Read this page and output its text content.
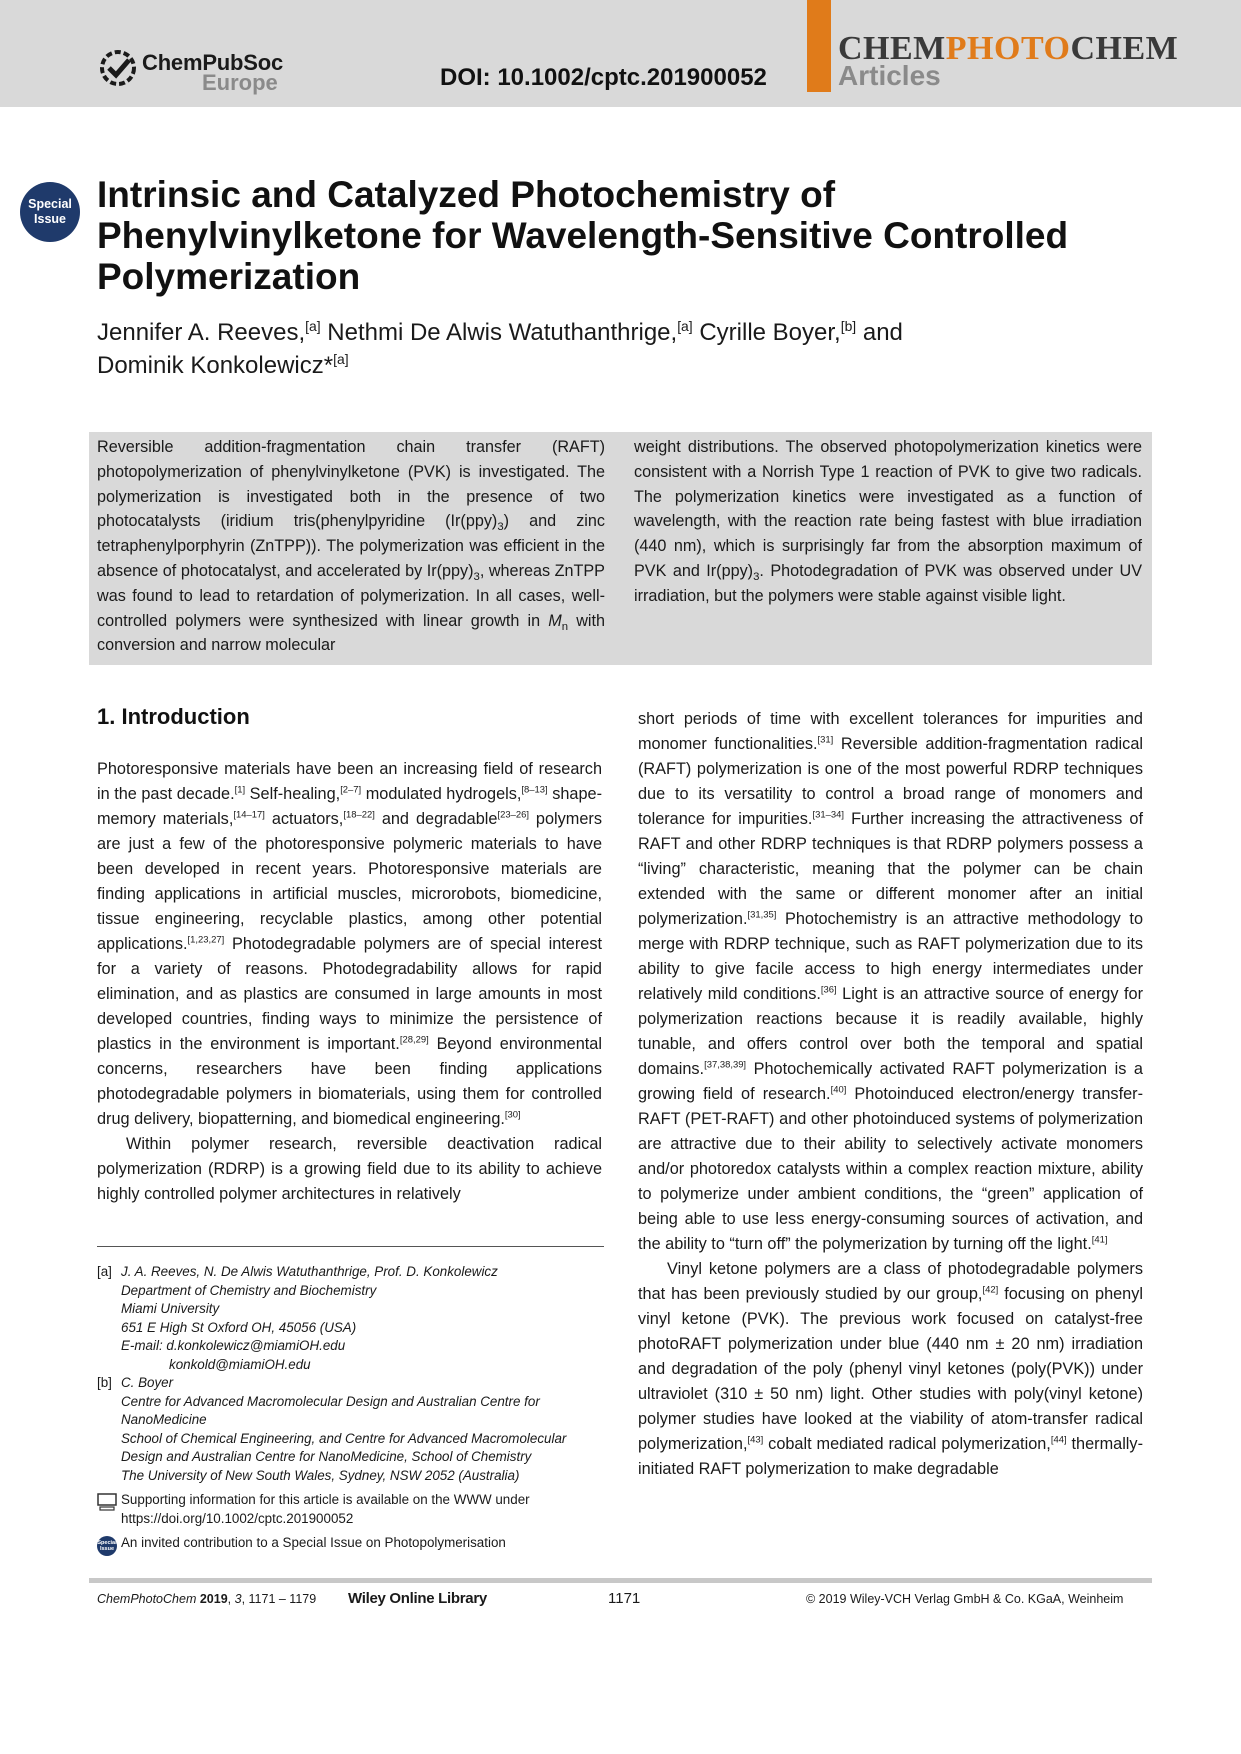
ChemPubSoc
Europe	DOI: 10.1002/cptc.201900052
CHEMPHOTOCHEM
Articles
Special
Issue
Intrinsic and Catalyzed Photochemistry of Phenylvinylketone for Wavelength-Sensitive Controlled Polymerization
Jennifer A. Reeves,[a] Nethmi De Alwis Watuthanthrige,[a] Cyrille Boyer,[b] and
Dominik Konkolewicz*[a]
Reversible addition-fragmentation chain transfer (RAFT) photopolymerization of phenylvinylketone (PVK) is investigated. The polymerization is investigated both in the presence of two photocatalysts (iridium tris(phenylpyridine $(Ir(ppy)_3)$ and zinc tetraphenylporphyrin (ZnTPP)). The polymerization was efficient in the absence of photocatalyst, and accelerated by $Ir(ppy)_3$, whereas ZnTPP was found to lead to retardation of polymerization. In all cases, well-controlled polymers were synthesized with linear growth in $M_n$ with conversion and narrow molecular
weight distributions. The observed photopolymerization kinetics were consistent with a Norrish Type 1 reaction of PVK to give two radicals. The polymerization kinetics were investigated as a function of wavelength, with the reaction rate being fastest with blue irradiation (440 nm), which is surprisingly far from the absorption maximum of PVK and $Ir(ppy)_3$. Photodegradation of PVK was observed under UV irradiation, but the polymers were stable against visible light.
1. Introduction

Photoresponsive materials have been an increasing field of research in the past decade.[1] Self-healing,[2–7] modulated hydrogels,[8–13] shape-memory materials,[14–17] actuators,[18–22] and degradable[23–26] polymers are just a few of the photoresponsive polymeric materials to have been developed in recent years. Photoresponsive materials are finding applications in artificial muscles, microrobots, biomedicine, tissue engineering, recyclable plastics, among other potential applications.[1,23,27] Photodegradable polymers are of special interest for a variety of reasons. Photodegradability allows for rapid elimination, and as plastics are consumed in large amounts in most developed countries, finding ways to minimize the persistence of plastics in the environment is important.[28,29] Beyond environmental concerns, researchers have been finding applications photodegradable polymers in biomaterials, using them for controlled drug delivery, biopatterning, and biomedical engineering.[30]

Within polymer research, reversible deactivation radical polymerization (RDRP) is a growing field due to its ability to achieve highly controlled polymer architectures in relatively

short periods of time with excellent tolerances for impurities and monomer functionalities.[31] Reversible addition-fragmentation radical (RAFT) polymerization is one of the most powerful RDRP techniques due to its versatility to control a broad range of monomers and tolerance for impurities.[31–34] Further increasing the attractiveness of RAFT and other RDRP techniques is that RDRP polymers possess a “living” characteristic, meaning that the polymer can be chain extended with the same or different monomer after an initial polymerization.[31,35] Photochemistry is an attractive methodology to merge with RDRP technique, such as RAFT polymerization due to its ability to give facile access to high energy intermediates under relatively mild conditions.[36] Light is an attractive source of energy for polymerization reactions because it is readily available, highly tunable, and offers control over both the temporal and spatial domains.[37,38,39] Photochemically activated RAFT polymerization is a growing field of research.[40] Photoinduced electron/energy transfer-RAFT (PET-RAFT) and other photoinduced systems of polymerization are attractive due to their ability to selectively activate monomers and/or photoredox catalysts within a complex reaction mixture, ability to polymerize under ambient conditions, the “green” application of being able to use less energy-consuming sources of activation, and the ability to “turn off” the polymerization by turning off the light.[41]

Vinyl ketone polymers are a class of photodegradable polymers that has been previously studied by our group,[42] focusing on phenyl vinyl ketone (PVK). The previous work focused on catalyst-free photoRAFT polymerization under blue (440 nm ± 20 nm) irradiation and degradation of the poly (phenyl vinyl ketones (poly(PVK)) under ultraviolet (310 ± 50 nm) light. Other studies with poly(vinyl ketone) polymer studies have looked at the viability of atom-transfer radical polymerization,[43] cobalt mediated radical polymerization,[44] thermally-initiated RAFT polymerization to make degradable

[a] J. A. Reeves, N. De Alwis Watuthanthrige, Prof. D. Konkolewicz
Department of Chemistry and Biochemistry
Miami University
651 E High St Oxford OH, 45056 (USA)
E-mail: d.konkolewicz@miamiOH.edu
konkold@miamiOH.edu
[b] C. Boyer
Centre for Advanced Macromolecular Design and Australian Centre for NanoMedicine
School of Chemical Engineering, and Centre for Advanced Macromolecular Design and Australian Centre for NanoMedicine, School of Chemistry
The University of New South Wales, Sydney, NSW 2052 (Australia)
Supporting information for this article is available on the WWW under https://doi.org/10.1002/cptc.201900052
Special
Issue An invited contribution to a Special Issue on Photopolymerisation
ChemPhotoChem 2019, 3, 1171 – 1179 Wiley Online Library	1171	© 2019 Wiley-VCH Verlag GmbH & Co. KGaA, Weinheim
